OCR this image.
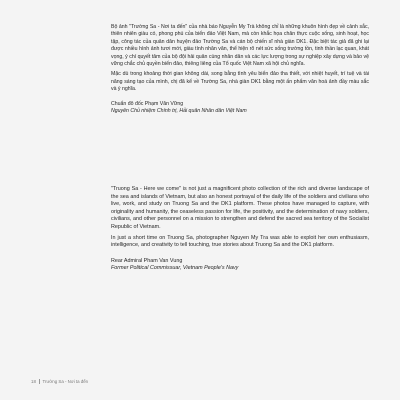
Bộ ảnh "Trường Sa - Nơi ta đến" của nhà báo Nguyễn My Trà không chỉ là những khuôn hình đẹp về cảnh sắc, thiên nhiên giàu có, phong phú của biển đảo Việt Nam, mà còn khắc họa chân thực cuộc sống, sinh hoạt, học tập, công tác của quân dân huyện đảo Trường Sa và cán bộ chiến sĩ nhà giàn DK1. Đặc biệt tác giả đã ghi lại được nhiều hình ảnh tươi mới, giàu tính nhân văn, thể hiện rõ nét sức sống trường tồn, tinh thần lạc quan, khát vọng, ý chí quyết tâm của bộ đội hải quân cùng nhân dân và các lực lượng trong sự nghiệp xây dựng và bảo vệ vững chắc chủ quyền biển đảo, thiêng liêng của Tổ quốc Việt Nam xã hội chủ nghĩa.

Mặc dù trong khoảng thời gian không dài, song bằng tình yêu biển đảo tha thiết, với nhiệt huyết, trí tuệ và tài năng sáng tạo của mình, chị đã kể về Trường Sa, nhà giàn DK1 bằng một ấn phẩm văn hoá ảnh đầy màu sắc và ý nghĩa.

Chuẩn đô đốc Phạm Văn Vững
Nguyên Chủ nhiệm Chính trị, Hải quân Nhân dân Việt Nam

"Truong Sa - Here we come" is not just a magnificent photo collection of the rich and diverse landscape of the sea and islands of Vietnam, but also an honest portrayal of the daily life of the soldiers and civilians who live, work, and study on Truong Sa and the DK1 platform. These photos have managed to capture, with originality and humanity, the ceaseless passion for life, the positivity, and the determination of navy soldiers, civilians, and other personnel on a mission to strengthen and defend the sacred sea territory of the Socialist Republic of Vietnam.

In just a short time on Truong Sa, photographer Nguyen My Tra was able to exploit her own enthusiasm, intelligence, and creativity to tell touching, true stories about Truong Sa and the DK1 platform.

Rear Admiral Pham Van Vung
Former Political Commissuar, Vietnam People's Navy
18 Trường Sa - Nơi ta đến
